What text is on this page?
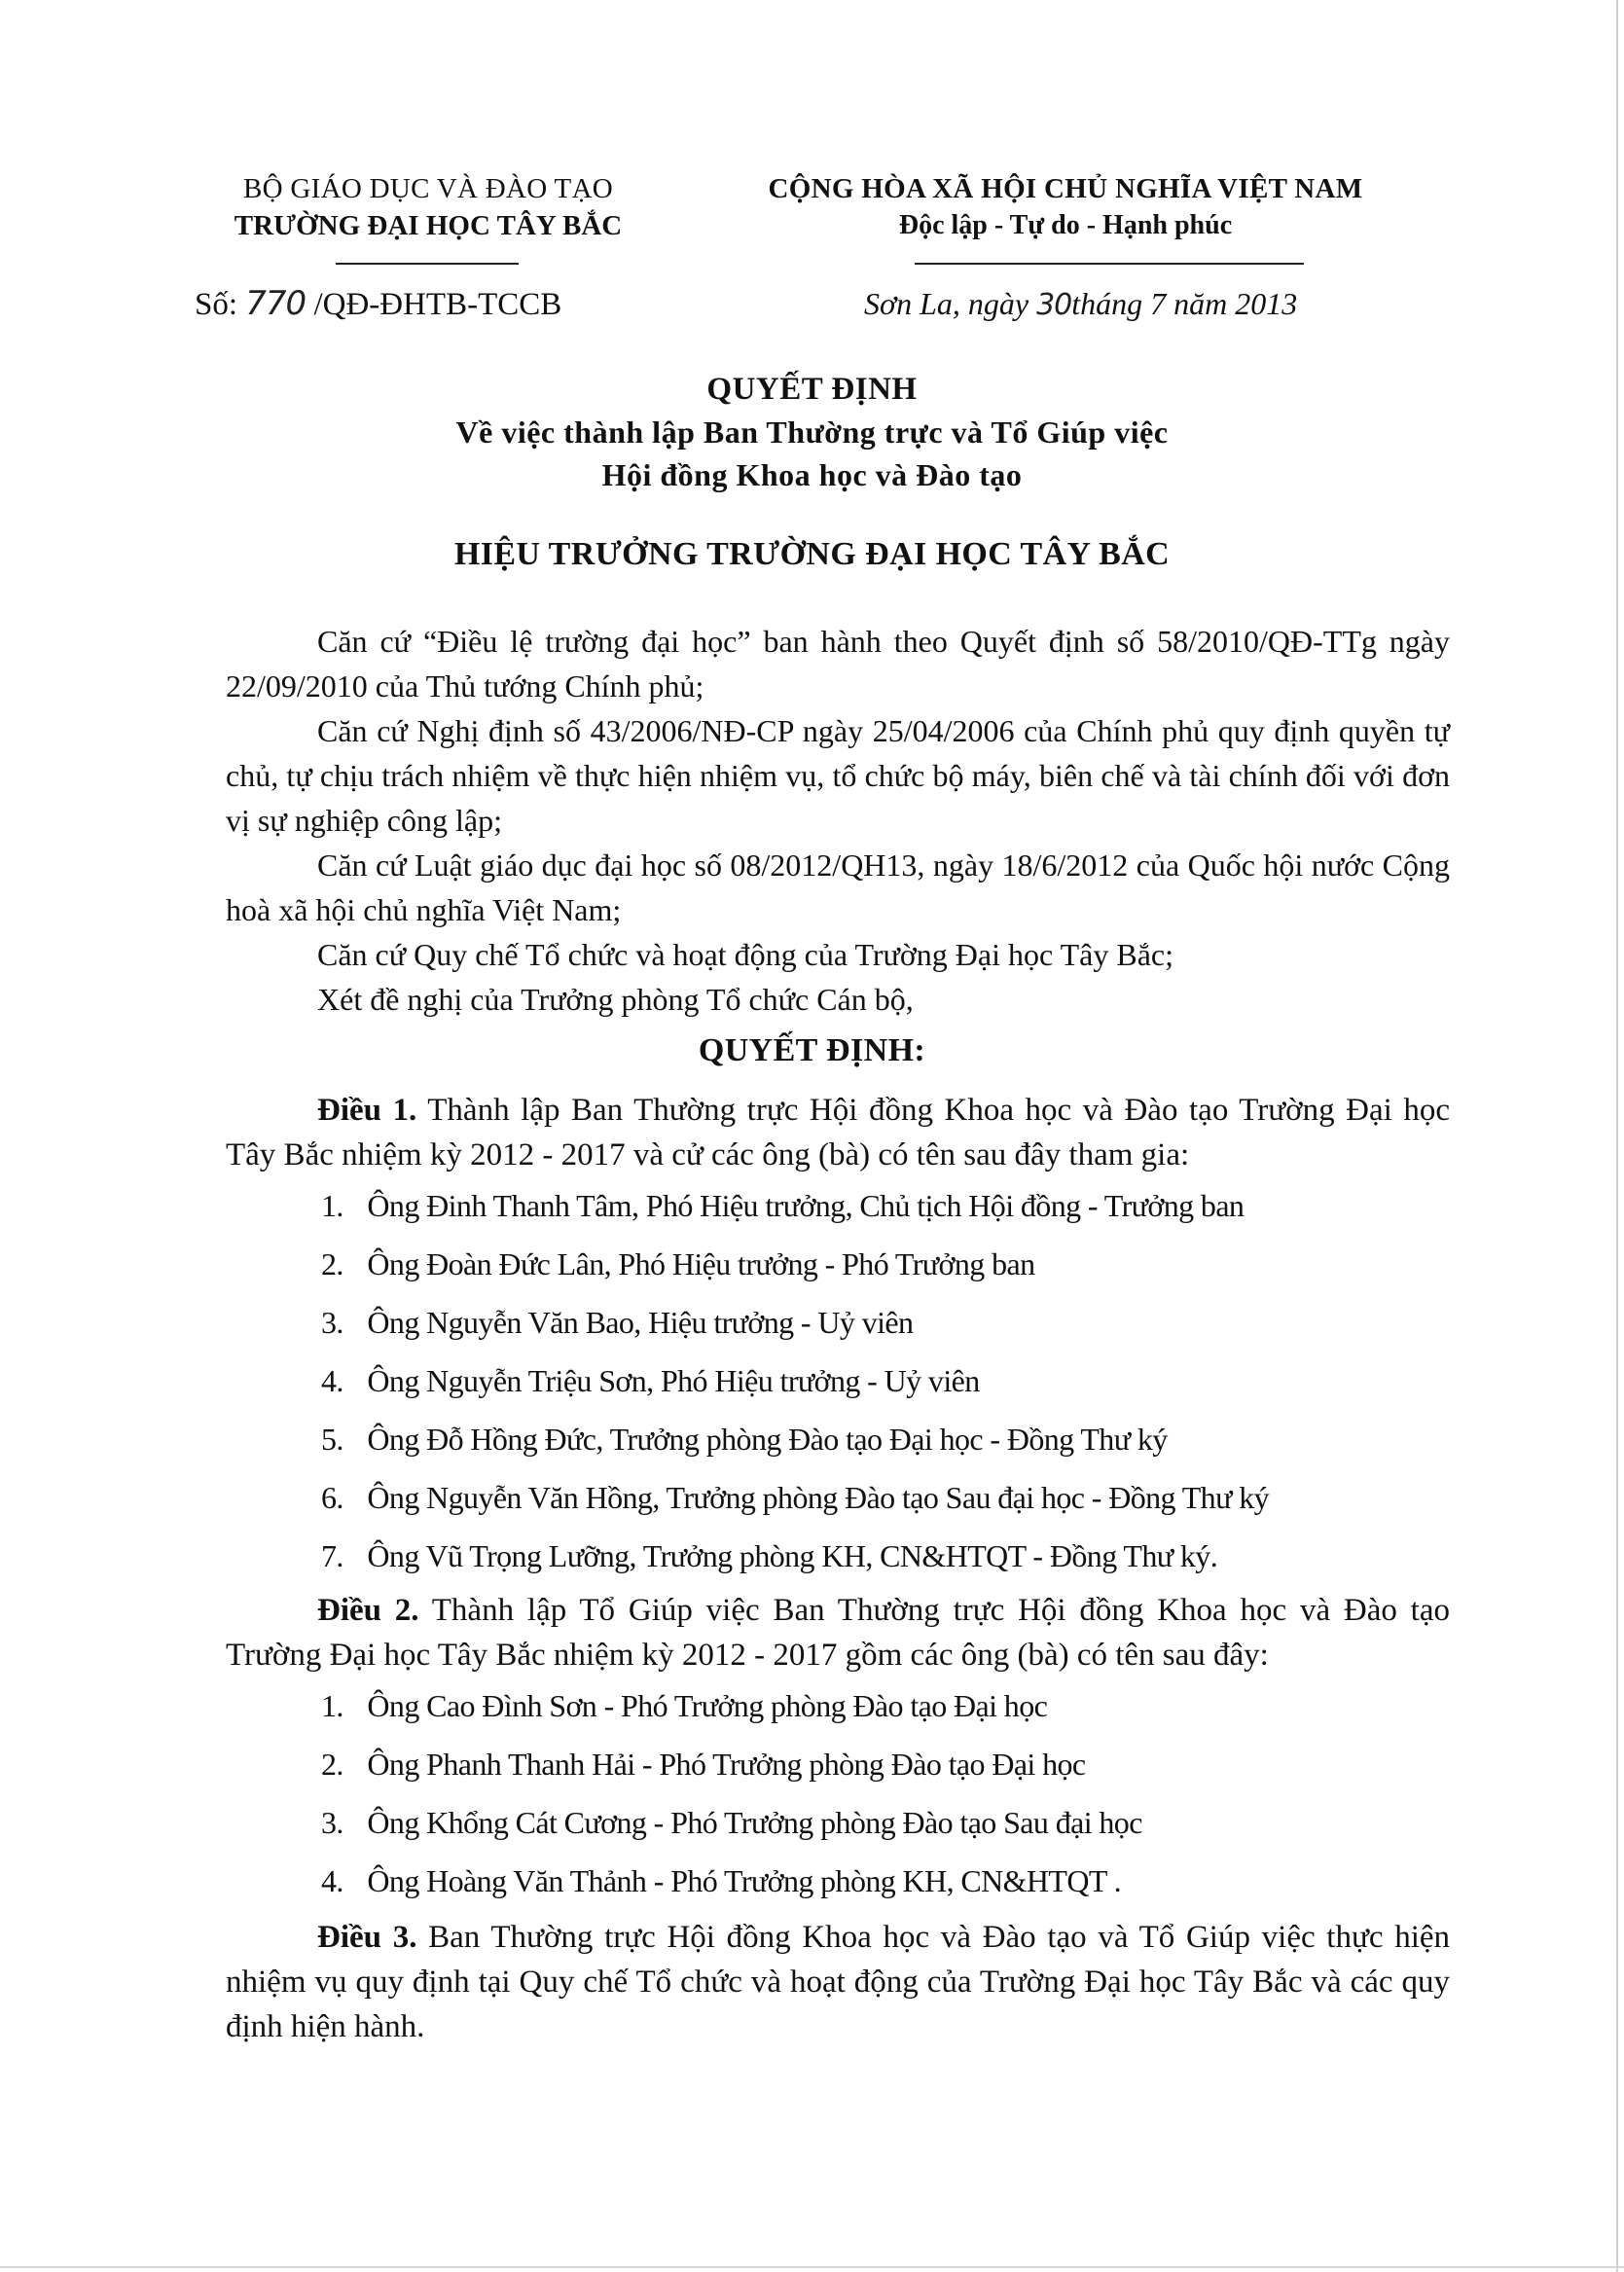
BỘ GIÁO DỤC VÀ ĐÀO TẠO
TRƯỜNG ĐẠI HỌC TÂY BẮC
CỘNG HÒA XÃ HỘI CHỦ NGHĨA VIỆT NAM
Độc lập - Tự do - Hạnh phúc
Số: 770 /QĐ-ĐHTB-TCCB	Sơn La, ngày 30tháng 7 năm 2013
QUYẾT ĐỊNH
Về việc thành lập Ban Thường trực và Tổ Giúp việc
Hội đồng Khoa học và Đào tạo
HIỆU TRƯỞNG TRƯỜNG ĐẠI HỌC TÂY BẮC

Căn cứ “Điều lệ trường đại học” ban hành theo Quyết định số 58/2010/QĐ-TTg ngày 22/09/2010 của Thủ tướng Chính phủ;

Căn cứ Nghị định số 43/2006/NĐ-CP ngày 25/04/2006 của Chính phủ quy định quyền tự chủ, tự chịu trách nhiệm về thực hiện nhiệm vụ, tổ chức bộ máy, biên chế và tài chính đối với đơn vị sự nghiệp công lập;

Căn cứ Luật giáo dục đại học số 08/2012/QH13, ngày 18/6/2012 của Quốc hội nước Cộng hoà xã hội chủ nghĩa Việt Nam;

Căn cứ Quy chế Tổ chức và hoạt động của Trường Đại học Tây Bắc;

Xét đề nghị của Trưởng phòng Tổ chức Cán bộ,

QUYẾT ĐỊNH:

Điều 1. Thành lập Ban Thường trực Hội đồng Khoa học và Đào tạo Trường Đại học Tây Bắc nhiệm kỳ 2012 - 2017 và cử các ông (bà) có tên sau đây tham gia:

1. Ông Đinh Thanh Tâm, Phó Hiệu trưởng, Chủ tịch Hội đồng - Trưởng ban
2. Ông Đoàn Đức Lân, Phó Hiệu trưởng - Phó Trưởng ban
3. Ông Nguyễn Văn Bao, Hiệu trưởng - Uỷ viên
4. Ông Nguyễn Triệu Sơn, Phó Hiệu trưởng - Uỷ viên
5. Ông Đỗ Hồng Đức, Trưởng phòng Đào tạo Đại học - Đồng Thư ký
6. Ông Nguyễn Văn Hồng, Trưởng phòng Đào tạo Sau đại học - Đồng Thư ký
7. Ông Vũ Trọng Lưỡng, Trưởng phòng KH, CN&HTQT - Đồng Thư ký.

Điều 2. Thành lập Tổ Giúp việc Ban Thường trực Hội đồng Khoa học và Đào tạo Trường Đại học Tây Bắc nhiệm kỳ 2012 - 2017 gồm các ông (bà) có tên sau đây:

1. Ông Cao Đình Sơn - Phó Trưởng phòng Đào tạo Đại học
2. Ông Phanh Thanh Hải - Phó Trưởng phòng Đào tạo Đại học
3. Ông Khổng Cát Cương - Phó Trưởng phòng Đào tạo Sau đại học
4. Ông Hoàng Văn Thảnh - Phó Trưởng phòng KH, CN&HTQT .

Điều 3. Ban Thường trực Hội đồng Khoa học và Đào tạo và Tổ Giúp việc thực hiện nhiệm vụ quy định tại Quy chế Tổ chức và hoạt động của Trường Đại học Tây Bắc và các quy định hiện hành.
